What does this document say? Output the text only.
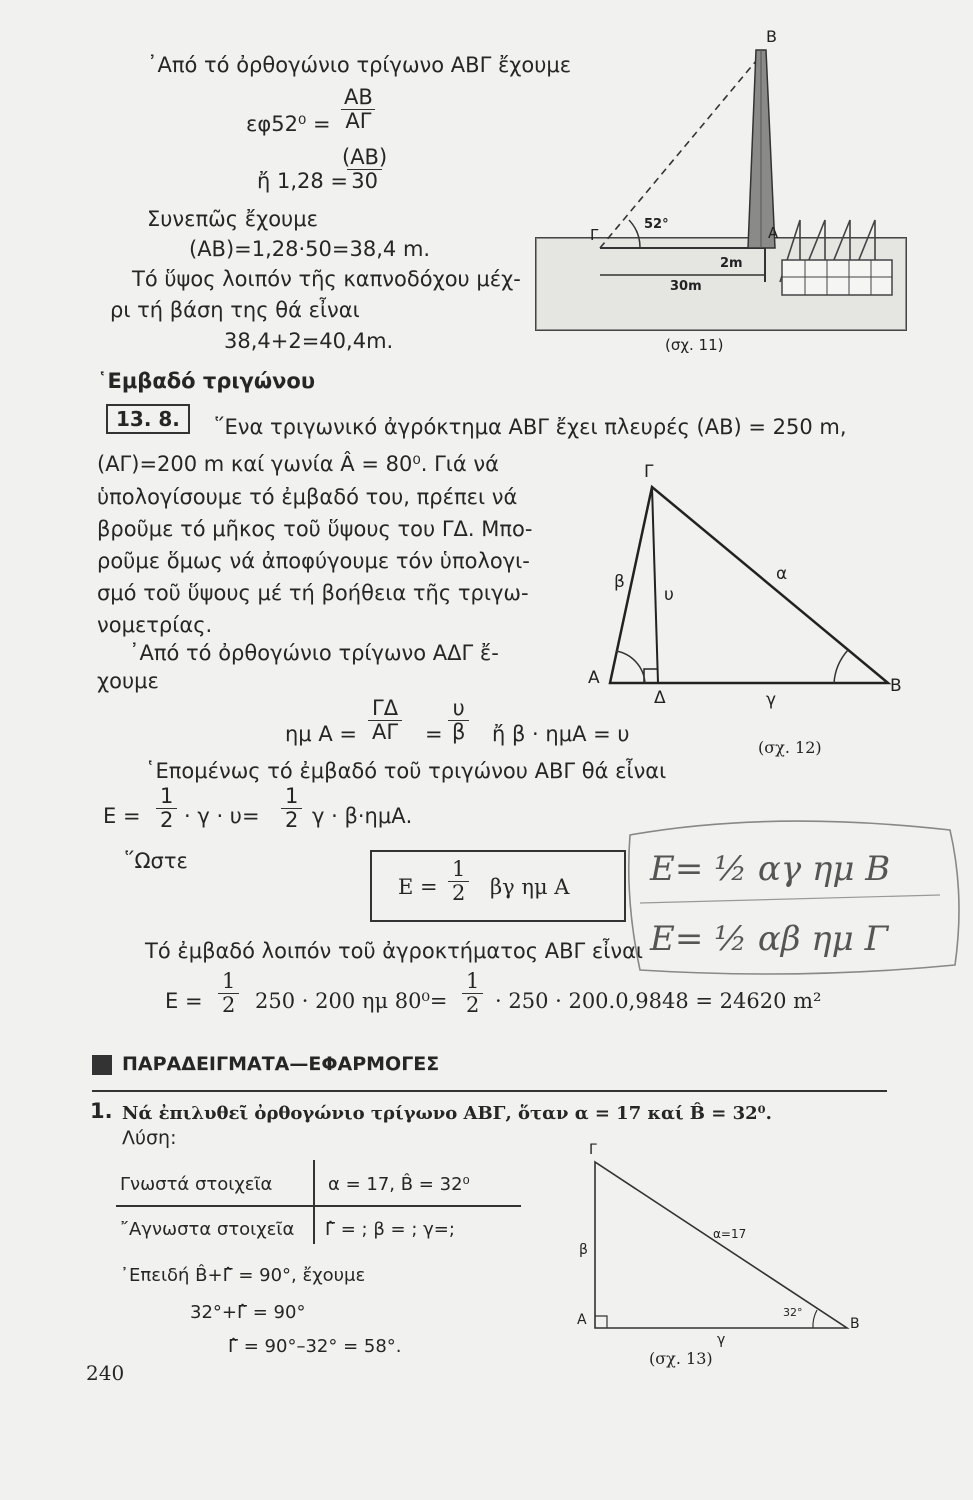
᾿Από τό ὀρθογώνιο τρίγωνο ΑΒΓ ἔχουμε
$\varepsilon\varphi 52^0 = \frac{AB}{A\Gamma}$
ἤ 1,28 =
$\frac{(AB)}{30}$
Συνεπῶς ἔχουμε
(ΑΒ)=1,28·50=38,4 m.
Τό ὕψος λοιπόν τῆς καπνοδόχου μέχ-
ρι τή βάση της θά εἶναι
38,4+2=40,4m.
Β
Γ	Α
52°
2m
30m
(σχ. 11)
῾Εμβαδό τριγώνου
13. 8.	῞Ενα τριγωνικό ἀγρόκτημα ΑΒΓ ἔχει πλευρές (ΑΒ) = 250 m,
(ΑΓ)=200 m καί γωνία Â = 80⁰. Γιά νά
ὑπολογίσουμε τό ἐμβαδό του, πρέπει νά
βροῦμε τό μῆκος τοῦ ὕψους του ΓΔ. Μπο-
ροῦμε ὅμως νά ἀποφύγουμε τόν ὑπολογι-
σμό τοῦ ὕψους μέ τή βοήθεια τῆς τριγω-
νομετρίας.
᾿Από τό ὀρθογώνιο τρίγωνο ΑΔΓ ἔ-
χουμε
Γ
Α	Β
Δ
β
υ
α
γ
(σχ. 12)
ημ $A = \frac{\Gamma\Delta}{A\Gamma} = \frac{\upsilon}{\beta}$ ἤ β · ημΑ = υ
῾Επομένως τό ἐμβαδό τοῦ τριγώνου ΑΒΓ θά εἶναι
$E = \frac{1}{2} \cdot \gamma \cdot \upsilon= \frac{1}{2}$ γ · β·ημΑ.
῞Ωστε
$E = \frac{1}{2}$ βγ ημ Α Ε= ½ αγ ημ Β
Ε= ½ αβ ημ Γ
Τό ἐμβαδό λοιπόν τοῦ ἀγροκτήματος ΑΒΓ εἶναι
$E = \frac{1}{2} 250 \cdot 200$ ημ $80^0= \frac{1}{2} \cdot 250 \cdot 200.0,9848 = 24620$ m²
ΠΑΡΑΔΕΙΓΜΑΤΑ—ΕΦΑΡΜΟΓΕΣ
1. Νά ἐπιλυθεῖ ὀρθογώνιο τρίγωνο ΑΒΓ, ὅταν α = 17 καί B̂ = 32⁰.
Λύση:
Γνωστά στοιχεῖα	α = 17, B̂ = 32⁰
῎Αγνωστα στοιχεῖα Γ̂ = ; β = ; γ=;
᾿Επειδή B̂+Γ̂ = 90°, ἔχουμε
32°+Γ̂ = 90°
Γ̂ = 90°–32° = 58°.
Γ
Α	Β
β
γ
α=17
32°
(σχ. 13)
240
